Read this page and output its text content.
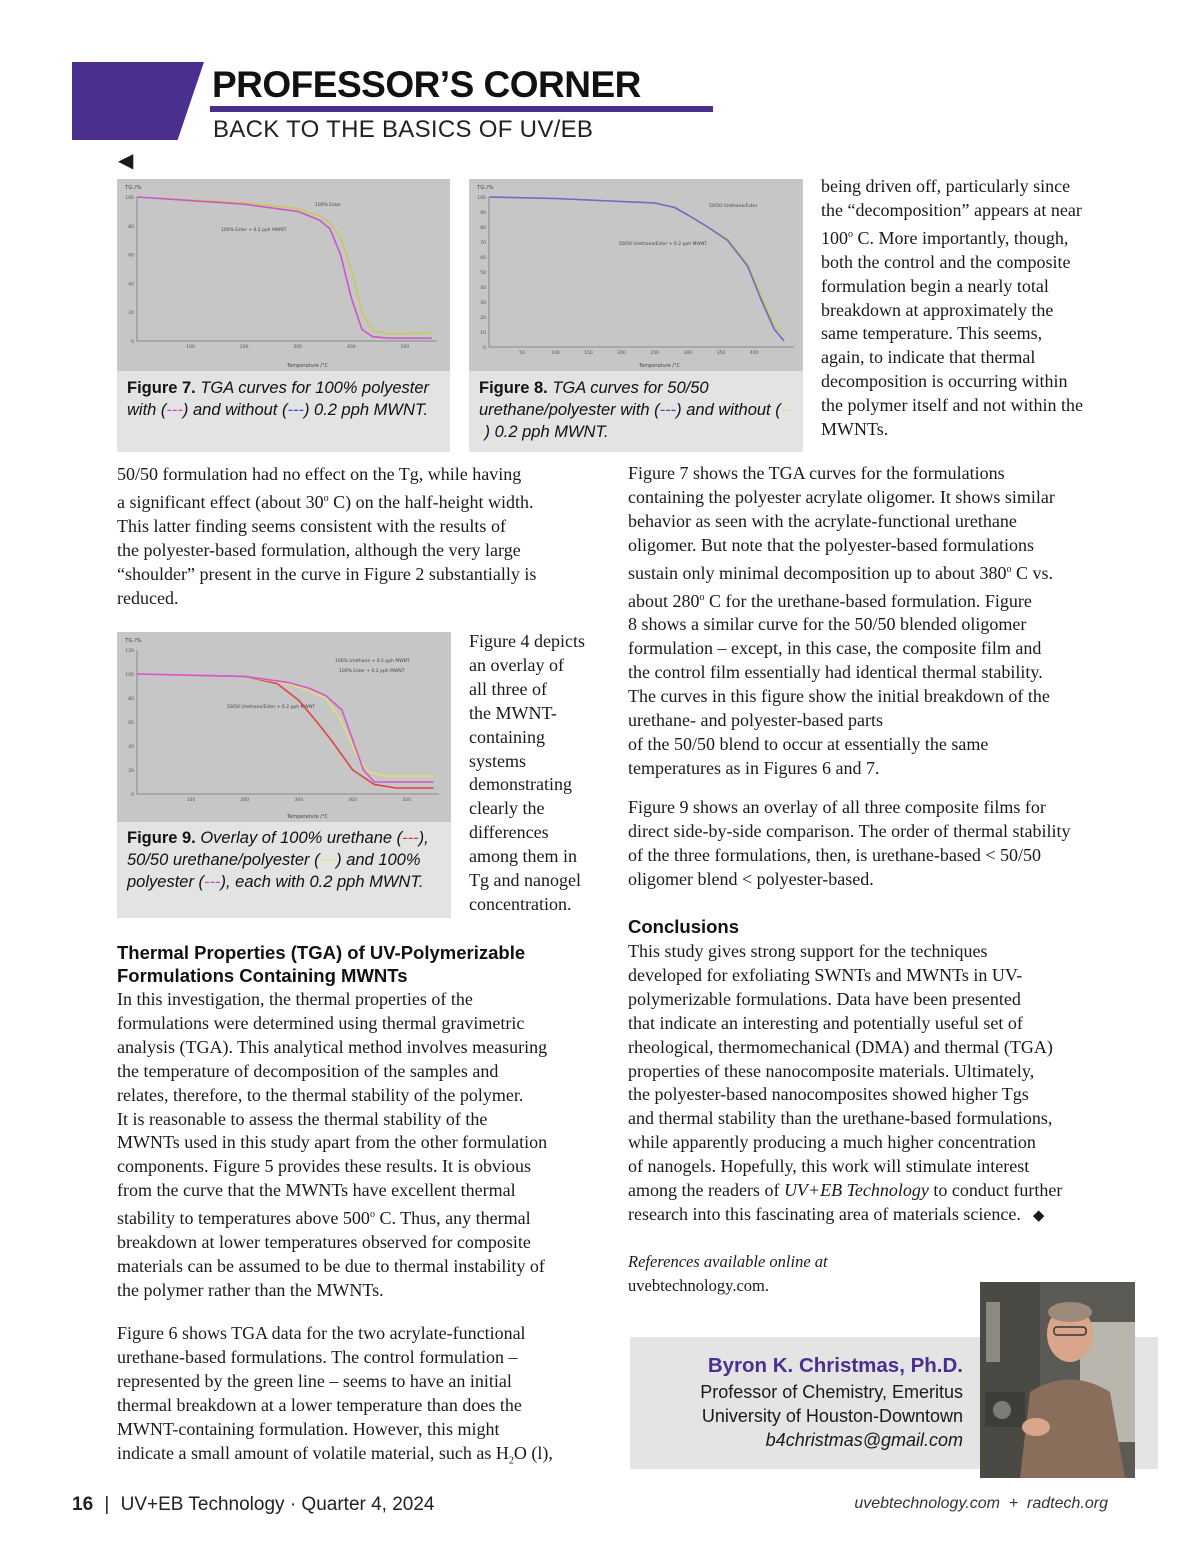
PROFESSOR’S CORNER
BACK TO THE BASICS OF UV/EB
◀
TG /%
Temperature /°C
100% Ester
100% Ester + 0.2 pph MWNT
100
80
60
40
20
0
100	200	300	400	500
Figure 7. TGA curves for 100% polyester with (---) and without (---) 0.2 pph MWNT.
TG /%
Temperature /°C
50/50 Urethane/Ester
50/50 Urethane/Ester + 0.2 pph MWNT
100
90
80
70
60
50
40
30
20
10
0
50	100	150	200	250	300	350	400
Figure 8. TGA curves for 50/50 urethane/polyester with (---) and without (---) 0.2 pph MWNT.
being driven off, particularly since
the “decomposition” appears at near
100$^o$ C. More importantly, though,
both the control and the composite
formulation begin a nearly total
breakdown at approximately the
same temperature. This seems,
again, to indicate that thermal
decomposition is occurring within
the polymer itself and not within the
MWNTs.
50/50 formulation had no effect on the Tg, while having
a significant effect (about 30$^o$ C) on the half-height width.
This latter finding seems consistent with the results of
the polyester-based formulation, although the very large
“shoulder” present in the curve in Figure 2 substantially is
reduced.
TG /%
Temperature /°C
100% Urethane + 0.2 pph MWNT
100% Ester + 0.2 pph MWNT
50/50 Urethane/Ester + 0.2 pph MWNT
120
100
80
60
40
20
0
100	200	300	400	500
Figure 9. Overlay of 100% urethane (---), 50/50 urethane/polyester (---) and 100% polyester (---), each with 0.2 pph MWNT.
Figure 4 depicts
an overlay of
all three of
the MWNT-
containing
systems
demonstrating
clearly the
differences
among them in
Tg and nanogel
concentration.
Thermal Properties (TGA) of UV-Polymerizable
Formulations Containing MWNTs
In this investigation, the thermal properties of the
formulations were determined using thermal gravimetric
analysis (TGA). This analytical method involves measuring
the temperature of decomposition of the samples and
relates, therefore, to the thermal stability of the polymer.
It is reasonable to assess the thermal stability of the
MWNTs used in this study apart from the other formulation
components. Figure 5 provides these results. It is obvious
from the curve that the MWNTs have excellent thermal
stability to temperatures above 500$^o$ C. Thus, any thermal
breakdown at lower temperatures observed for composite
materials can be assumed to be due to thermal instability of
the polymer rather than the MWNTs.
Figure 6 shows TGA data for the two acrylate-functional
urethane-based formulations. The control formulation –
represented by the green line – seems to have an initial
thermal breakdown at a lower temperature than does the
MWNT-containing formulation. However, this might
indicate a small amount of volatile material, such as $H_2O$ (l),
Figure 7 shows the TGA curves for the formulations
containing the polyester acrylate oligomer. It shows similar
behavior as seen with the acrylate-functional urethane
oligomer. But note that the polyester-based formulations
sustain only minimal decomposition up to about 380$^o$ C vs.
about 280$^o$ C for the urethane-based formulation. Figure
8 shows a similar curve for the 50/50 blended oligomer
formulation – except, in this case, the composite film and
the control film essentially had identical thermal stability.
The curves in this figure show the initial breakdown of the
urethane- and polyester-based parts
of the 50/50 blend to occur at essentially the same
temperatures as in Figures 6 and 7.
Figure 9 shows an overlay of all three composite films for
direct side-by-side comparison. The order of thermal stability
of the three formulations, then, is urethane-based < 50/50
oligomer blend < polyester-based.
Conclusions
This study gives strong support for the techniques
developed for exfoliating SWNTs and MWNTs in UV-
polymerizable formulations. Data have been presented
that indicate an interesting and potentially useful set of
rheological, thermomechanical (DMA) and thermal (TGA)
properties of these nanocomposite materials. Ultimately,
the polyester-based nanocomposites showed higher Tgs
and thermal stability than the urethane-based formulations,
while apparently producing a much higher concentration
of nanogels. Hopefully, this work will stimulate interest
among the readers of UV+EB Technology to conduct further
research into this fascinating area of materials science. ◆
References available online at
uvebtechnology.com.
Byron K. Christmas, Ph.D.
Professor of Chemistry, Emeritus
University of Houston-Downtown
b4christmas@gmail.com
16 | UV+EB Technology · Quarter 4, 2024	uvebtechnology.com  +  radtech.org
